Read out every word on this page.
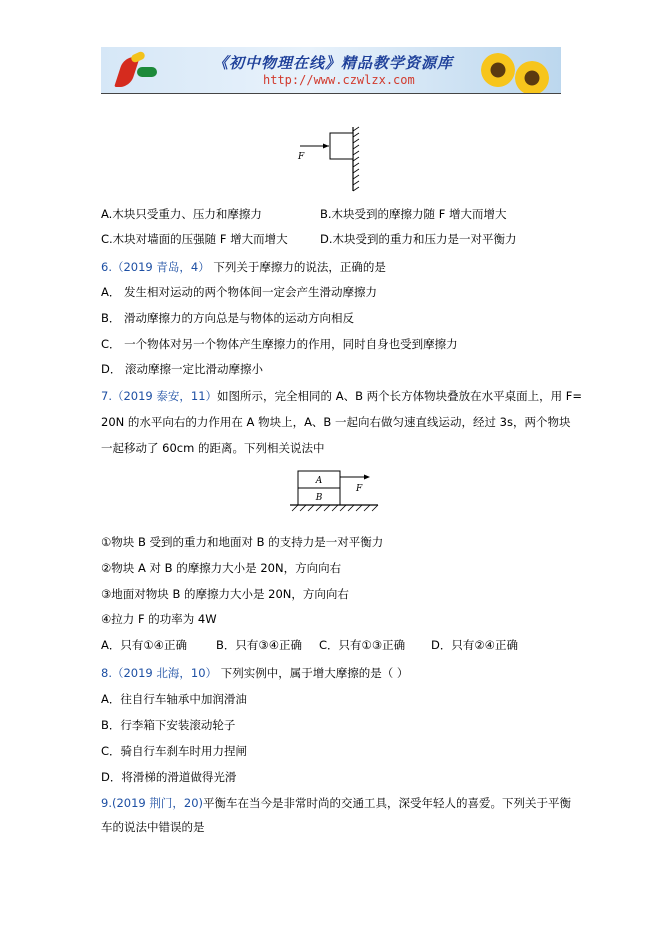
《初中物理在线》精品教学资源库
http://www.czwlzx.com
F
A.木块只受重力、压力和摩擦力	B.木块受到的摩擦力随 F 增大而增大
C.木块对墙面的压强随 F 增大而增大	D.木块受到的重力和压力是一对平衡力
6.（2019 青岛，4） 下列关于摩擦力的说法，正确的是
A． 发生相对运动的两个物体间一定会产生滑动摩擦力
B． 滑动摩擦力的方向总是与物体的运动方向相反
C． 一个物体对另一个物体产生摩擦力的作用，同时自身也受到摩擦力
D． 滚动摩擦一定比滑动摩擦小
7.（2019 泰安，11）如图所示，完全相同的 A、B 两个长方体物块叠放在水平桌面上，用 F=
20N 的水平向右的力作用在 A 物块上，A、B 一起向右做匀速直线运动，经过 3s，两个物块
一起移动了 60cm 的距离。下列相关说法中
A
B
F
①物块 B 受到的重力和地面对 B 的支持力是一对平衡力
②物块 A 对 B 的摩擦力大小是 20N，方向向右
③地面对物块 B 的摩擦力大小是 20N，方向向右
④拉力 F 的功率为 4W
A．只有①④正确	B．只有③④正确 C．只有①③正确 D．只有②④正确
8.（2019 北海，10） 下列实例中，属于增大摩擦的是（ ）
A．往自行车轴承中加润滑油
B．行李箱下安装滚动轮子
C．骑自行车刹车时用力捏闸
D．将滑梯的滑道做得光滑
9.(2019 荆门，20)平衡车在当今是非常时尚的交通工具，深受年轻人的喜爱。下列关于平衡
车的说法中错误的是
